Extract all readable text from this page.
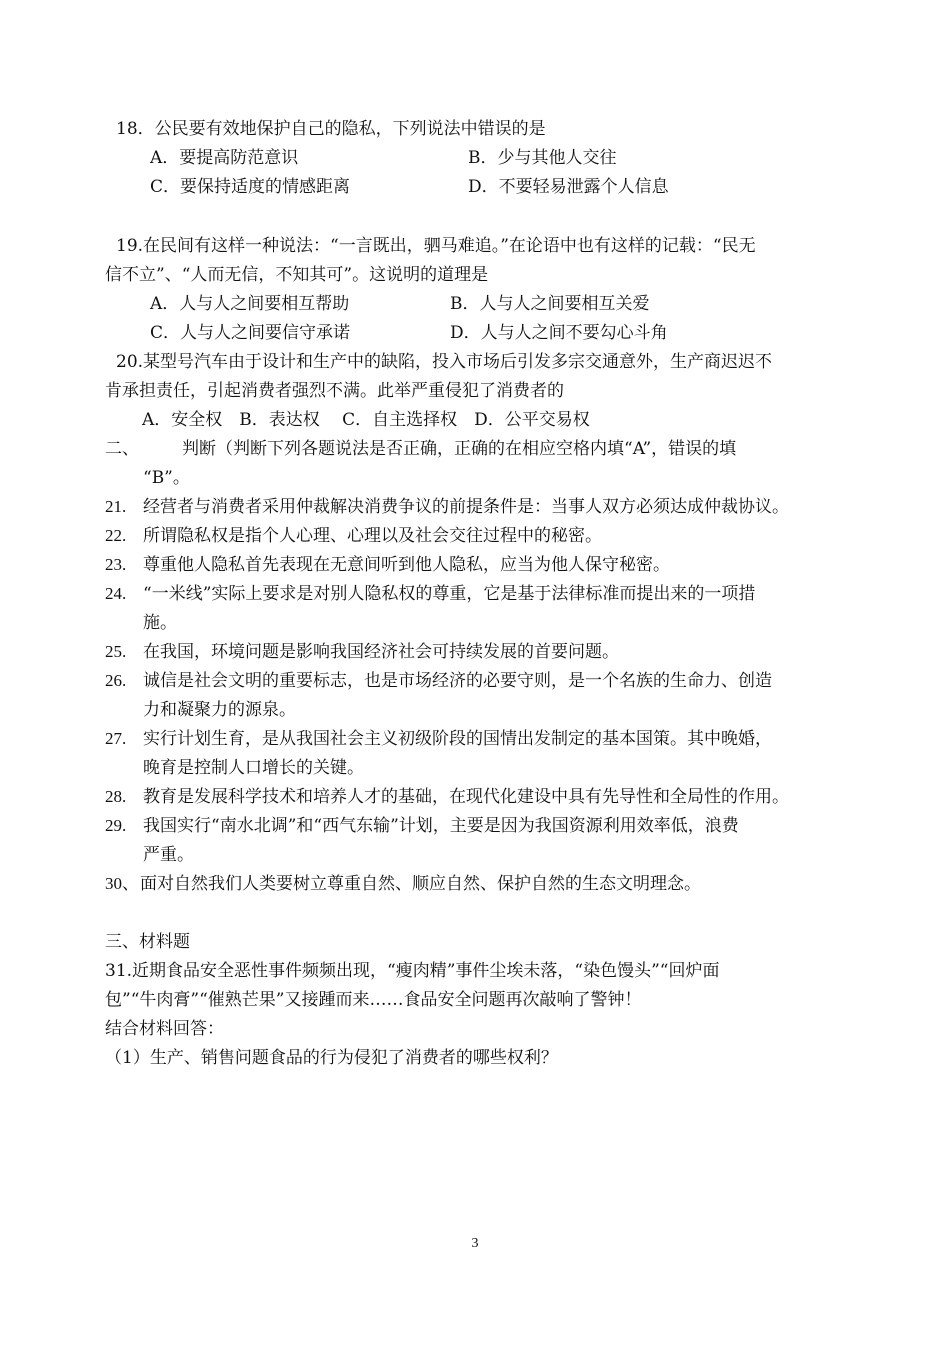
18．公民要有效地保护自己的隐私，下列说法中错误的是
A．要提高防范意识	B．少与其他人交往
C．要保持适度的情感距离	D．不要轻易泄露个人信息
19.在民间有这样一种说法：“一言既出，驷马难追。”在论语中也有这样的记载：“民无
信不立”、“人而无信，不知其可”。这说明的道理是
A．人与人之间要相互帮助	B．人与人之间要相互关爱
C．人与人之间要信守承诺	D．人与人之间不要勾心斗角
20.某型号汽车由于设计和生产中的缺陷，投入市场后引发多宗交通意外，生产商迟迟不
肯承担责任，引起消费者强烈不满。此举严重侵犯了消费者的
A．安全权　B．表达权　 C．自主选择权　D．公平交易权
二、	判断（判断下列各题说法是否正确，正确的在相应空格内填“A”，错误的填
“B”。
21. 经营者与消费者采用仲裁解决消费争议的前提条件是：当事人双方必须达成仲裁协议。
22. 所谓隐私权是指个人心理、心理以及社会交往过程中的秘密。
23. 尊重他人隐私首先表现在无意间听到他人隐私，应当为他人保守秘密。
24. “一米线”实际上要求是对别人隐私权的尊重，它是基于法律标准而提出来的一项措
施。
25. 在我国，环境问题是影响我国经济社会可持续发展的首要问题。
26. 诚信是社会文明的重要标志，也是市场经济的必要守则，是一个名族的生命力、创造
力和凝聚力的源泉。
27. 实行计划生育，是从我国社会主义初级阶段的国情出发制定的基本国策。其中晚婚，
晚育是控制人口增长的关键。
28. 教育是发展科学技术和培养人才的基础，在现代化建设中具有先导性和全局性的作用。
29. 我国实行“南水北调”和“西气东输”计划，主要是因为我国资源利用效率低，浪费
严重。
30、 面对自然我们人类要树立尊重自然、顺应自然、保护自然的生态文明理念。
三、材料题
31.近期食品安全恶性事件频频出现，“瘦肉精”事件尘埃未落，“染色馒头”“回炉面
包”“牛肉膏”“催熟芒果”又接踵而来……食品安全问题再次敲响了警钟！
结合材料回答：
（1）生产、销售问题食品的行为侵犯了消费者的哪些权利？
3
